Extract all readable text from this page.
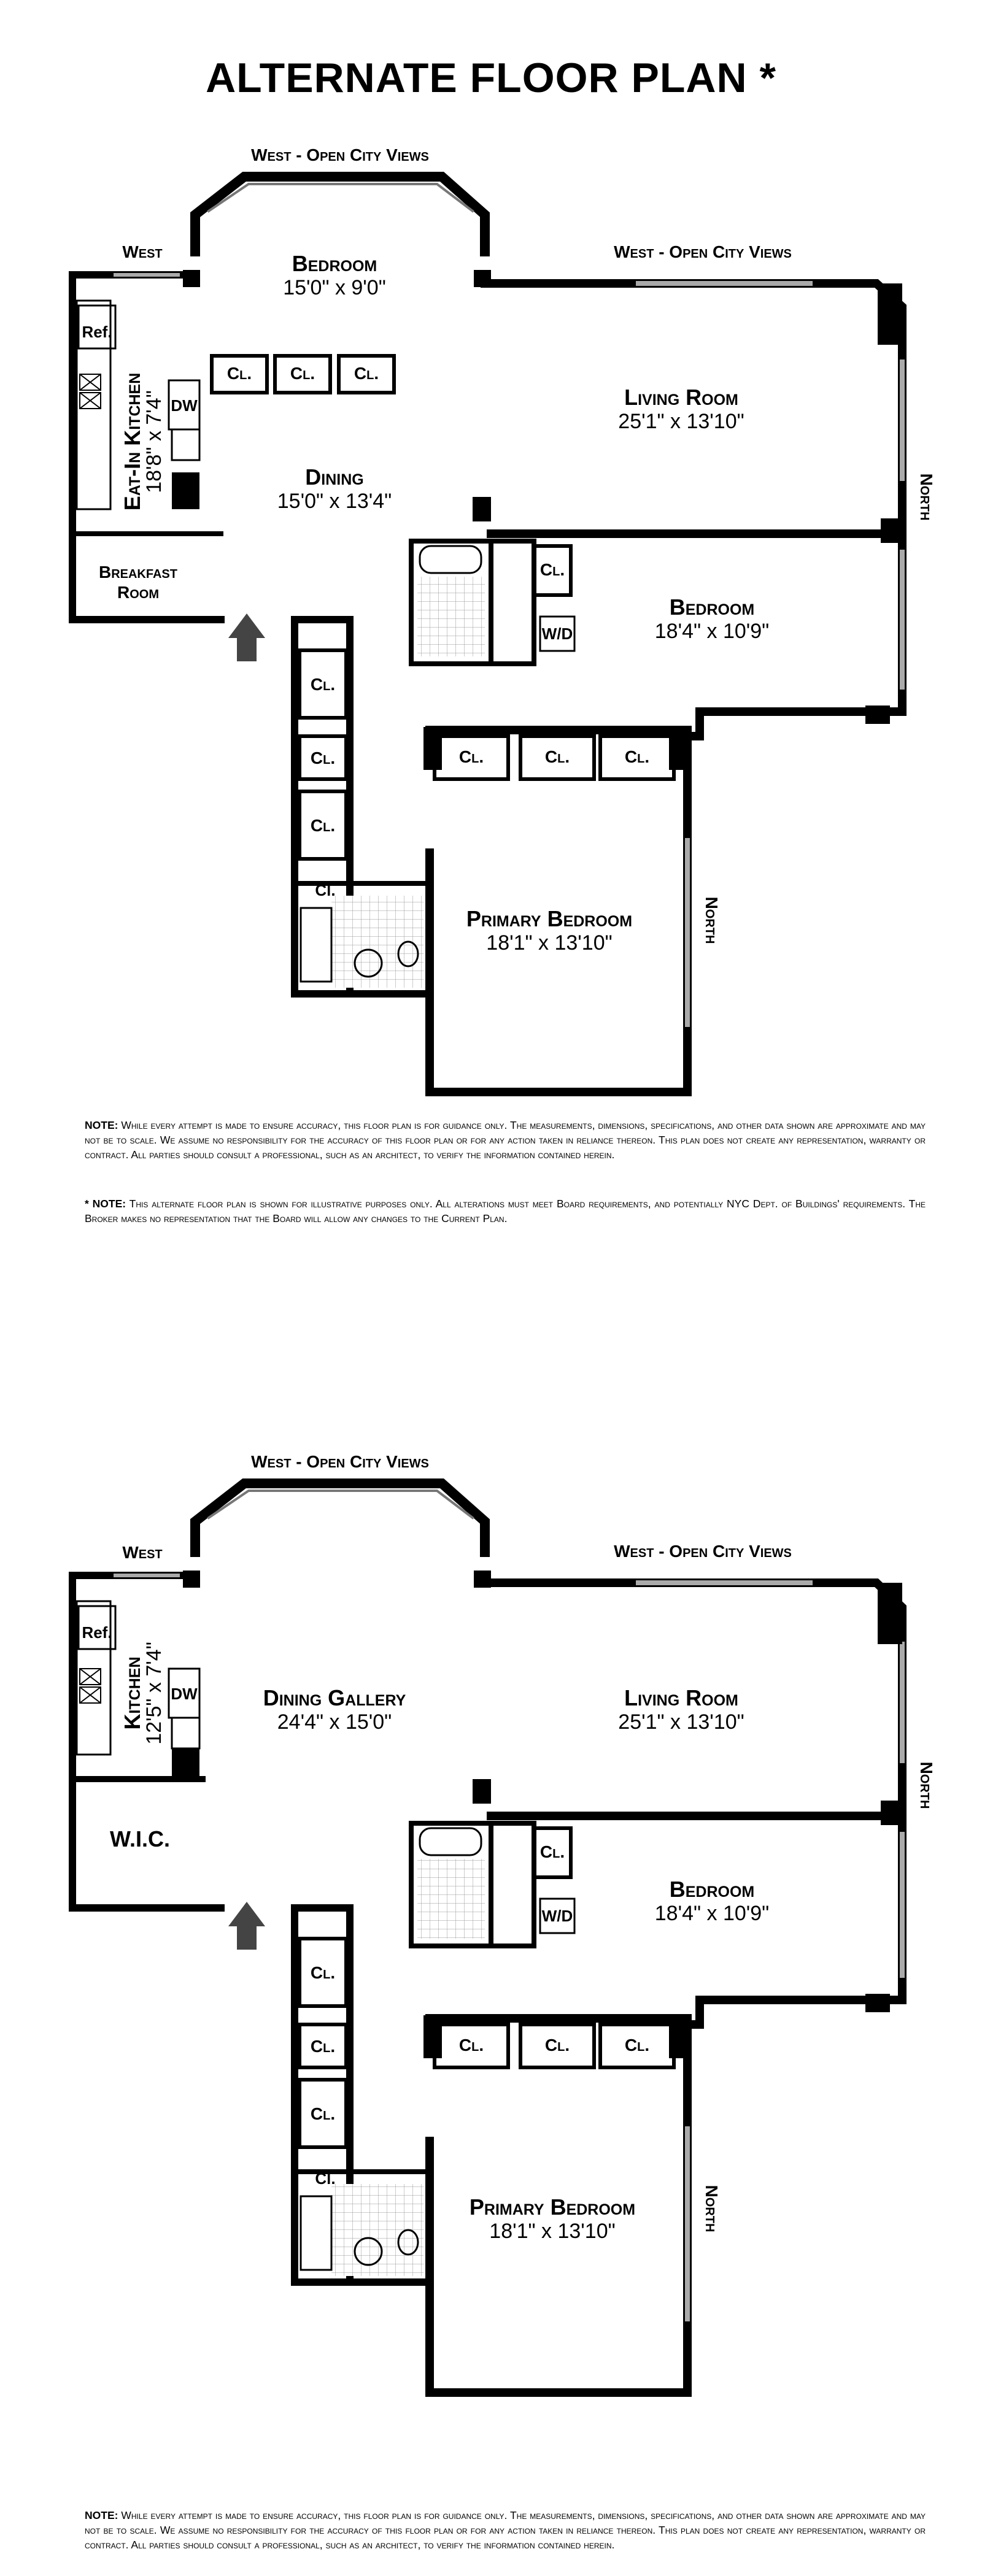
ALTERNATE FLOOR PLAN *
West - Open City Views
West	West - Open City Views
Bedroom
15'0" x 9'0"
Cl. Cl. Cl.
Ref.
DW	Living Room
25'1" x 13'10"
North
Dining
15'0" x 13'4"
Eat-In Kitchen
18'8" x 7'4"
Breakfast
Room
Cl.
W/D
Bedroom
18'4" x 10'9"
Cl.
Cl.
Cl.
Cl.	Cl.	Cl.
Cl.
North
Primary Bedroom
18'1" x 13'10"
NOTE: While every attempt is made to ensure accuracy, this floor plan is for guidance only. The measurements, dimensions, specifications, and other data shown are approximate and may not be to scale. We assume no responsibility for the accuracy of this floor plan or for any action taken in reliance thereon. This plan does not create any representation, warranty or contract. All parties should consult a professional, such as an architect, to verify the information contained herein.
* NOTE: This alternate floor plan is shown for illustrative purposes only. All alterations must meet Board requirements, and potentially NYC Dept. of Buildings' requirements. The Broker makes no representation that the Board will allow any changes to the Current Plan.
West - Open City Views
West	West - Open City Views
Ref.
DW
Kitchen
12'5" x 7'4"	Dining Gallery
24'4" x 15'0"
Living Room
25'1" x 13'10"
North
W.I.C.
Cl.
W/D
Bedroom
18'4" x 10'9"
Cl.
Cl.
Cl.
Cl.	Cl.	Cl.
Cl.
North
Primary Bedroom
18'1" x 13'10"
NOTE: While every attempt is made to ensure accuracy, this floor plan is for guidance only. The measurements, dimensions, specifications, and other data shown are approximate and may not be to scale. We assume no responsibility for the accuracy of this floor plan or for any action taken in reliance thereon. This plan does not create any representation, warranty or contract. All parties should consult a professional, such as an architect, to verify the information contained herein.
